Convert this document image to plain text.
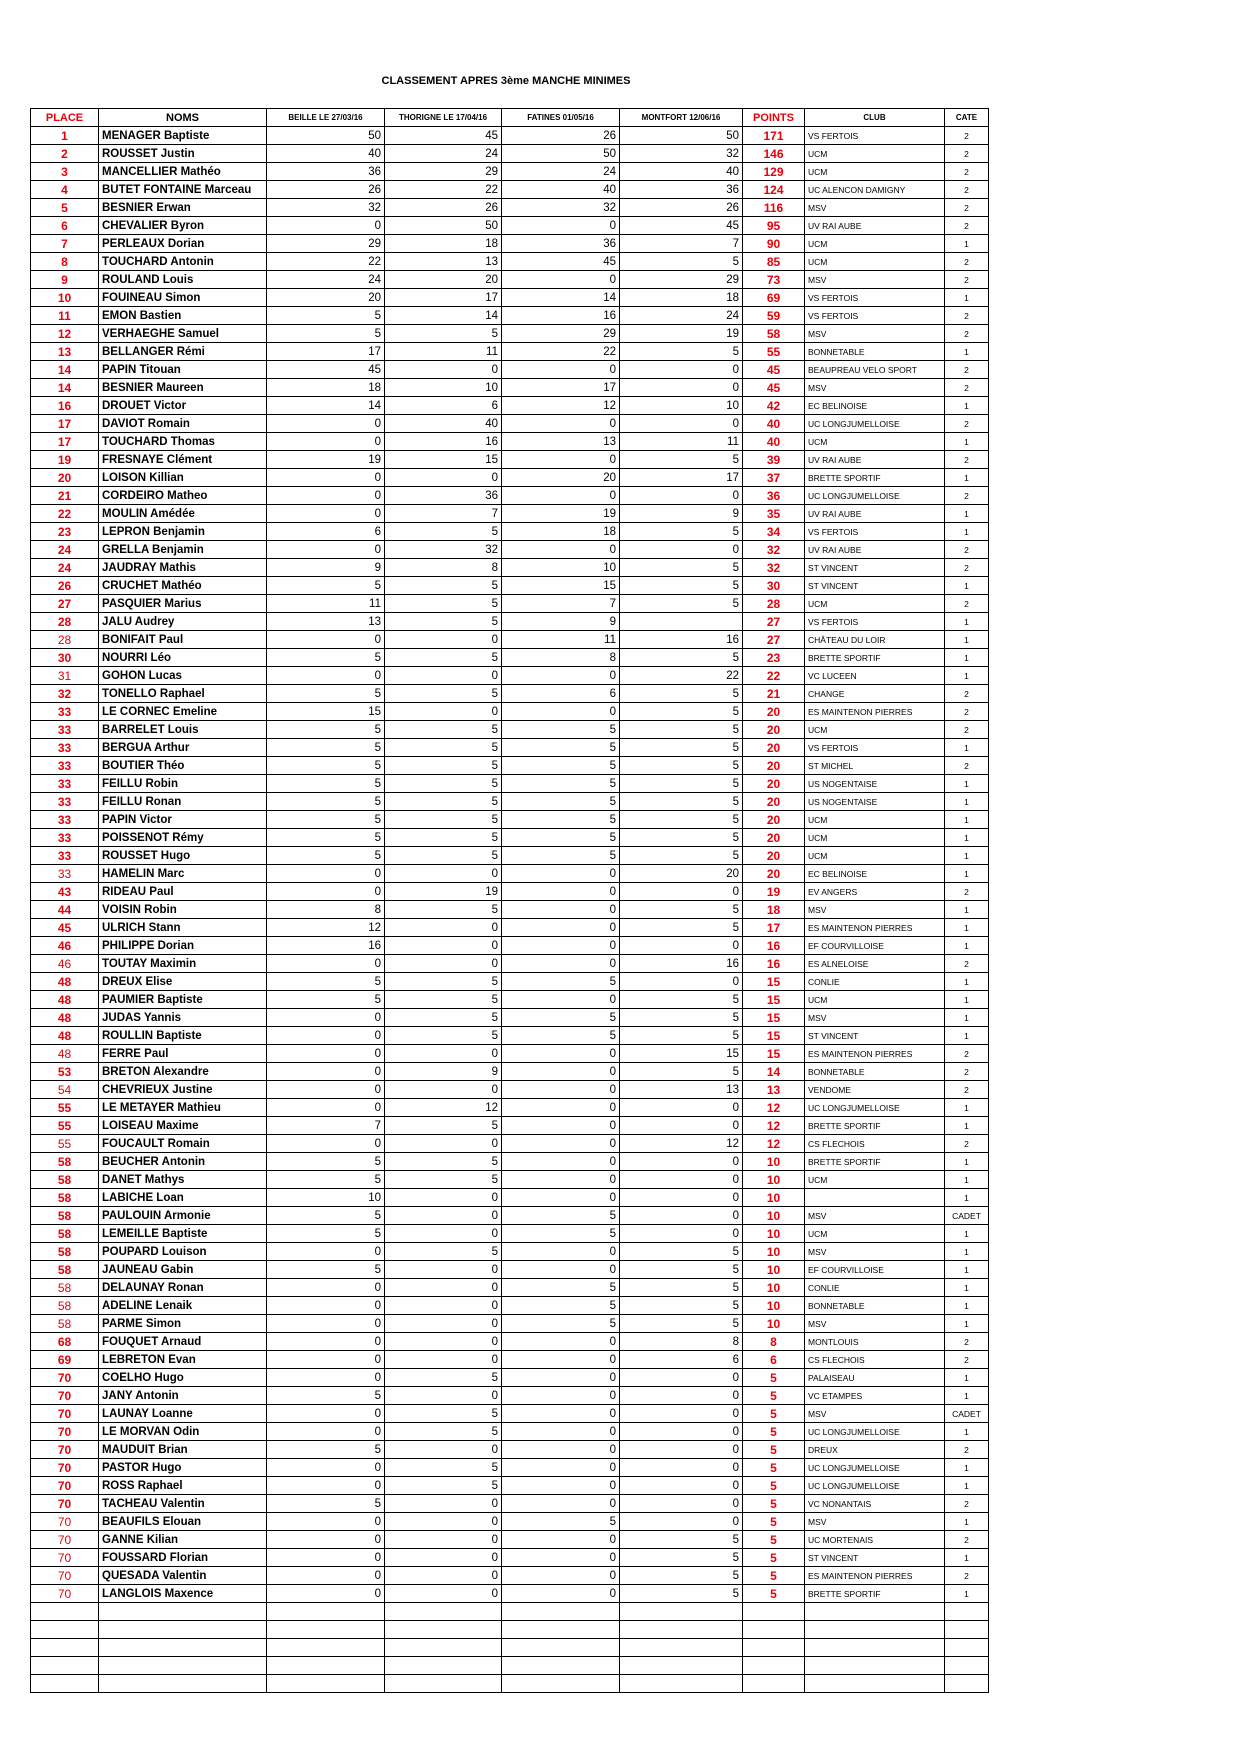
CLASSEMENT APRES 3ème MANCHE MINIMES
PLACE	NOMS	BEILLE LE 27/03/16	THORIGNE LE 17/04/16	FATINES 01/05/16	MONTFORT 12/06/16	POINTS	CLUB	CATE
1	MENAGER Baptiste	50	45	26	50	171	VS FERTOIS	2
2	ROUSSET Justin	40	24	50	32	146	UCM	2
3	MANCELLIER Mathéo	36	29	24	40	129	UCM	2
4	BUTET FONTAINE Marceau	26	22	40	36	124	UC ALENCON DAMIGNY	2
5	BESNIER Erwan	32	26	32	26	116	MSV	2
6	CHEVALIER Byron	0	50	0	45	95	UV RAI AUBE	2
7	PERLEAUX Dorian	29	18	36	7	90	UCM	1
8	TOUCHARD Antonin	22	13	45	5	85	UCM	2
9	ROULAND Louis	24	20	0	29	73	MSV	2
10	FOUINEAU Simon	20	17	14	18	69	VS FERTOIS	1
11	EMON Bastien	5	14	16	24	59	VS FERTOIS	2
12	VERHAEGHE Samuel	5	5	29	19	58	MSV	2
13	BELLANGER Rémi	17	11	22	5	55	BONNETABLE	1
14	PAPIN Titouan	45	0	0	0	45	BEAUPREAU VELO SPORT	2
14	BESNIER Maureen	18	10	17	0	45	MSV	2
16	DROUET Victor	14	6	12	10	42	EC BELINOISE	1
17	DAVIOT Romain	0	40	0	0	40	UC LONGJUMELLOISE	2
17	TOUCHARD Thomas	0	16	13	11	40	UCM	1
19	FRESNAYE Clément	19	15	0	5	39	UV RAI AUBE	2
20	LOISON Killian	0	0	20	17	37	BRETTE SPORTIF	1
21	CORDEIRO Matheo	0	36	0	0	36	UC LONGJUMELLOISE	2
22	MOULIN Amédée	0	7	19	9	35	UV RAI AUBE	1
23	LEPRON Benjamin	6	5	18	5	34	VS FERTOIS	1
24	GRELLA Benjamin	0	32	0	0	32	UV RAI AUBE	2
24	JAUDRAY Mathis	9	8	10	5	32	ST VINCENT	2
26	CRUCHET Mathéo	5	5	15	5	30	ST VINCENT	1
27	PASQUIER Marius	11	5	7	5	28	UCM	2
28	JALU Audrey	13	5	9		27	VS FERTOIS	1
28	BONIFAIT Paul	0	0	11	16	27	CHÂTEAU DU LOIR	1
30	NOURRI Léo	5	5	8	5	23	BRETTE SPORTIF	1
31	GOHON Lucas	0	0	0	22	22	VC LUCEEN	1
32	TONELLO Raphael	5	5	6	5	21	CHANGE	2
33	LE CORNEC Emeline	15	0	0	5	20	ES MAINTENON PIERRES	2
33	BARRELET Louis	5	5	5	5	20	UCM	2
33	BERGUA Arthur	5	5	5	5	20	VS FERTOIS	1
33	BOUTIER Théo	5	5	5	5	20	ST MICHEL	2
33	FEILLU Robin	5	5	5	5	20	US NOGENTAISE	1
33	FEILLU Ronan	5	5	5	5	20	US NOGENTAISE	1
33	PAPIN Victor	5	5	5	5	20	UCM	1
33	POISSENOT Rémy	5	5	5	5	20	UCM	1
33	ROUSSET Hugo	5	5	5	5	20	UCM	1
33	HAMELIN Marc	0	0	0	20	20	EC BELINOISE	1
43	RIDEAU Paul	0	19	0	0	19	EV ANGERS	2
44	VOISIN Robin	8	5	0	5	18	MSV	1
45	ULRICH Stann	12	0	0	5	17	ES MAINTENON PIERRES	1
46	PHILIPPE Dorian	16	0	0	0	16	EF COURVILLOISE	1
46	TOUTAY Maximin	0	0	0	16	16	ES ALNELOISE	2
48	DREUX Elise	5	5	5	0	15	CONLIE	1
48	PAUMIER Baptiste	5	5	0	5	15	UCM	1
48	JUDAS Yannis	0	5	5	5	15	MSV	1
48	ROULLIN Baptiste	0	5	5	5	15	ST VINCENT	1
48	FERRE Paul	0	0	0	15	15	ES MAINTENON PIERRES	2
53	BRETON Alexandre	0	9	0	5	14	BONNETABLE	2
54	CHEVRIEUX Justine	0	0	0	13	13	VENDOME	2
55	LE METAYER Mathieu	0	12	0	0	12	UC LONGJUMELLOISE	1
55	LOISEAU Maxime	7	5	0	0	12	BRETTE SPORTIF	1
55	FOUCAULT Romain	0	0	0	12	12	CS FLECHOIS	2
58	BEUCHER Antonin	5	5	0	0	10	BRETTE SPORTIF	1
58	DANET Mathys	5	5	0	0	10	UCM	1
58	LABICHE Loan	10	0	0	0	10		1
58	PAULOUIN Armonie	5	0	5	0	10	MSV	CADET
58	LEMEILLE Baptiste	5	0	5	0	10	UCM	1
58	POUPARD Louison	0	5	0	5	10	MSV	1
58	JAUNEAU Gabin	5	0	0	5	10	EF COURVILLOISE	1
58	DELAUNAY Ronan	0	0	5	5	10	CONLIE	1
58	ADELINE Lenaik	0	0	5	5	10	BONNETABLE	1
58	PARME Simon	0	0	5	5	10	MSV	1
68	FOUQUET Arnaud	0	0	0	8	8	MONTLOUIS	2
69	LEBRETON Evan	0	0	0	6	6	CS FLECHOIS	2
70	COELHO Hugo	0	5	0	0	5	PALAISEAU	1
70	JANY Antonin	5	0	0	0	5	VC ETAMPES	1
70	LAUNAY Loanne	0	5	0	0	5	MSV	CADET
70	LE MORVAN Odin	0	5	0	0	5	UC LONGJUMELLOISE	1
70	MAUDUIT Brian	5	0	0	0	5	DREUX	2
70	PASTOR Hugo	0	5	0	0	5	UC LONGJUMELLOISE	1
70	ROSS Raphael	0	5	0	0	5	UC LONGJUMELLOISE	1
70	TACHEAU Valentin	5	0	0	0	5	VC NONANTAIS	2
70	BEAUFILS Elouan	0	0	5	0	5	MSV	1
70	GANNE Kilian	0	0	0	5	5	UC MORTENAIS	2
70	FOUSSARD Florian	0	0	0	5	5	ST VINCENT	1
70	QUESADA Valentin	0	0	0	5	5	ES MAINTENON PIERRES	2
70	LANGLOIS Maxence	0	0	0	5	5	BRETTE SPORTIF	1
